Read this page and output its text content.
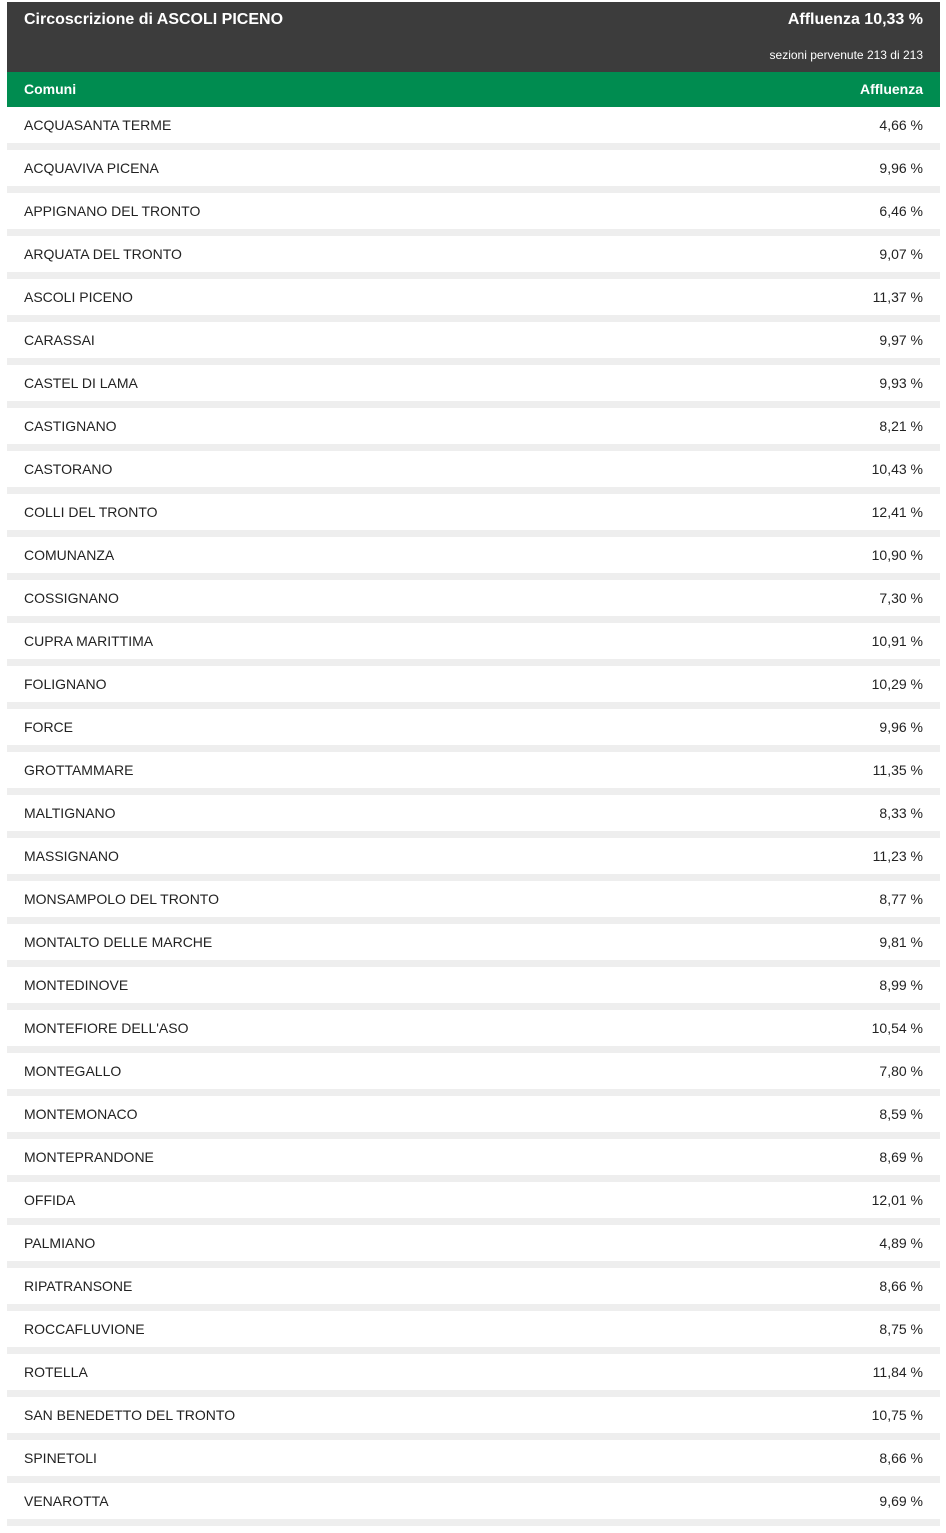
Circoscrizione di ASCOLI PICENO	Affluenza 10,33 %
sezioni pervenute 213 di 213
Comuni	Affluenza
ACQUASANTA TERME	4,66 %
ACQUAVIVA PICENA	9,96 %
APPIGNANO DEL TRONTO	6,46 %
ARQUATA DEL TRONTO	9,07 %
ASCOLI PICENO	11,37 %
CARASSAI	9,97 %
CASTEL DI LAMA	9,93 %
CASTIGNANO	8,21 %
CASTORANO	10,43 %
COLLI DEL TRONTO	12,41 %
COMUNANZA	10,90 %
COSSIGNANO	7,30 %
CUPRA MARITTIMA	10,91 %
FOLIGNANO	10,29 %
FORCE	9,96 %
GROTTAMMARE	11,35 %
MALTIGNANO	8,33 %
MASSIGNANO	11,23 %
MONSAMPOLO DEL TRONTO	8,77 %
MONTALTO DELLE MARCHE	9,81 %
MONTEDINOVE	8,99 %
MONTEFIORE DELL'ASO	10,54 %
MONTEGALLO	7,80 %
MONTEMONACO	8,59 %
MONTEPRANDONE	8,69 %
OFFIDA	12,01 %
PALMIANO	4,89 %
RIPATRANSONE	8,66 %
ROCCAFLUVIONE	8,75 %
ROTELLA	11,84 %
SAN BENEDETTO DEL TRONTO	10,75 %
SPINETOLI	8,66 %
VENAROTTA	9,69 %
